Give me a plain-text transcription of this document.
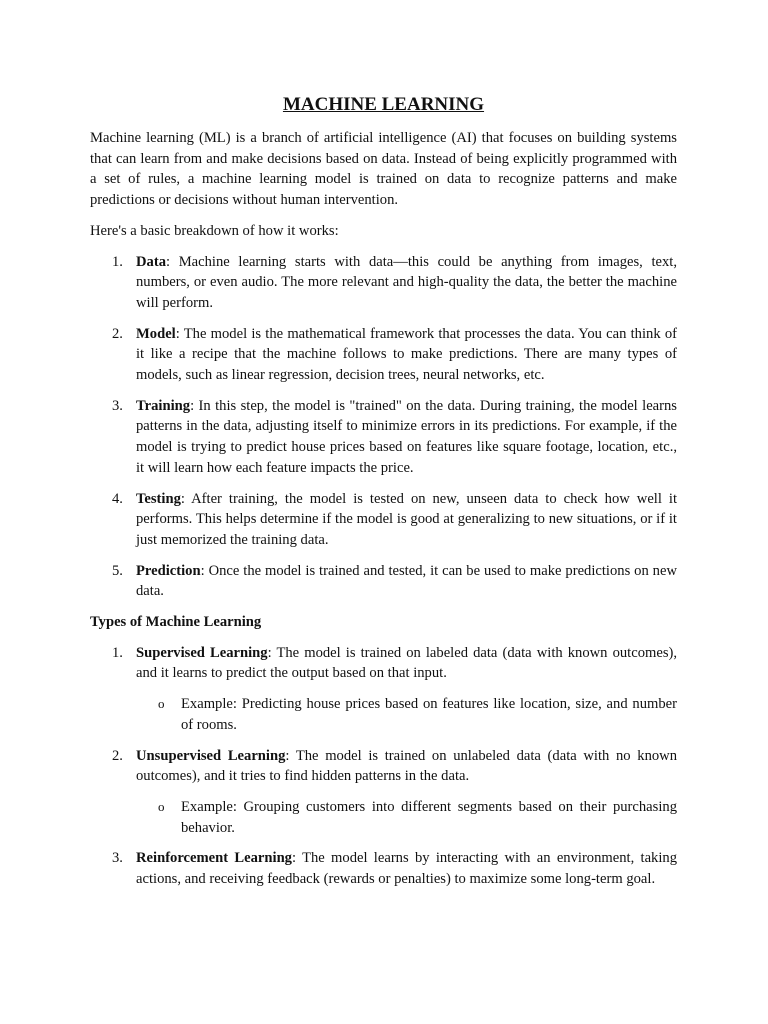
MACHINE LEARNING

Machine learning (ML) is a branch of artificial intelligence (AI) that focuses on building systems that can learn from and make decisions based on data. Instead of being explicitly programmed with a set of rules, a machine learning model is trained on data to recognize patterns and make predictions or decisions without human intervention.

Here's a basic breakdown of how it works:

1. Data: Machine learning starts with data—this could be anything from images, text, numbers, or even audio. The more relevant and high-quality the data, the better the machine will perform.
2. Model: The model is the mathematical framework that processes the data. You can think of it like a recipe that the machine follows to make predictions. There are many types of models, such as linear regression, decision trees, neural networks, etc.
3. Training: In this step, the model is "trained" on the data. During training, the model learns patterns in the data, adjusting itself to minimize errors in its predictions. For example, if the model is trying to predict house prices based on features like square footage, location, etc., it will learn how each feature impacts the price.
4. Testing: After training, the model is tested on new, unseen data to check how well it performs. This helps determine if the model is good at generalizing to new situations, or if it just memorized the training data.
5. Prediction: Once the model is trained and tested, it can be used to make predictions on new data.

Types of Machine Learning

1. Supervised Learning: The model is trained on labeled data (data with known outcomes), and it learns to predict the output based on that input.
o Example: Predicting house prices based on features like location, size, and number of rooms.
2. Unsupervised Learning: The model is trained on unlabeled data (data with no known outcomes), and it tries to find hidden patterns in the data.
o Example: Grouping customers into different segments based on their purchasing behavior.
3. Reinforcement Learning: The model learns by interacting with an environment, taking actions, and receiving feedback (rewards or penalties) to maximize some long-term goal.
